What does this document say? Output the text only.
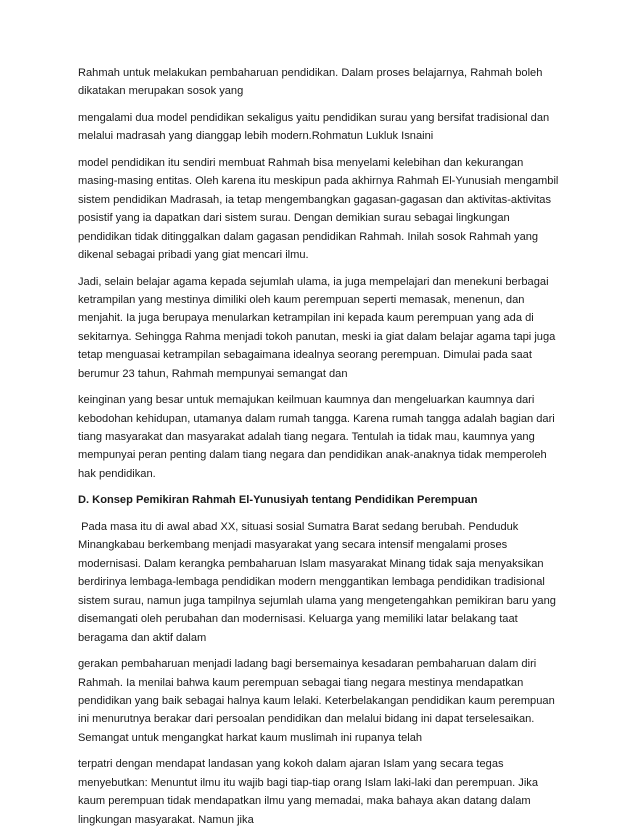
Rahmah untuk melakukan pembaharuan pendidikan. Dalam proses belajarnya, Rahmah boleh dikatakan merupakan sosok yang

mengalami dua model pendidikan sekaligus yaitu pendidikan surau yang bersifat tradisional dan melalui madrasah yang dianggap lebih modern.Rohmatun Lukluk Isnaini

model pendidikan itu sendiri membuat Rahmah bisa menyelami kelebihan dan kekurangan masing-masing entitas. Oleh karena itu meskipun pada akhirnya Rahmah El-Yunusiah mengambil sistem pendidikan Madrasah, ia tetap mengembangkan gagasan-gagasan dan aktivitas-aktivitas posistif yang ia dapatkan dari sistem surau. Dengan demikian surau sebagai lingkungan pendidikan tidak ditinggalkan dalam gagasan pendidikan Rahmah. Inilah sosok Rahmah yang dikenal sebagai pribadi yang giat mencari ilmu.

Jadi, selain belajar agama kepada sejumlah ulama, ia juga mempelajari dan menekuni berbagai ketrampilan yang mestinya dimiliki oleh kaum perempuan seperti memasak, menenun, dan menjahit. Ia juga berupaya menularkan ketrampilan ini kepada kaum perempuan yang ada di sekitarnya. Sehingga Rahma menjadi tokoh panutan, meski ia giat dalam belajar agama tapi juga tetap menguasai ketrampilan sebagaimana idealnya seorang perempuan. Dimulai pada saat berumur 23 tahun, Rahmah mempunyai semangat dan

keinginan yang besar untuk memajukan keilmuan kaumnya dan mengeluarkan kaumnya dari kebodohan kehidupan, utamanya dalam rumah tangga. Karena rumah tangga adalah bagian dari tiang masyarakat dan masyarakat adalah tiang negara. Tentulah ia tidak mau, kaumnya yang mempunyai peran penting dalam tiang negara dan pendidikan anak-anaknya tidak memperoleh hak pendidikan.

D. Konsep Pemikiran Rahmah El-Yunusiyah tentang Pendidikan Perempuan

Pada masa itu di awal abad XX, situasi sosial Sumatra Barat sedang berubah. Penduduk Minangkabau berkembang menjadi masyarakat yang secara intensif mengalami proses modernisasi. Dalam kerangka pembaharuan Islam masyarakat Minang tidak saja menyaksikan berdirinya lembaga-lembaga pendidikan modern menggantikan lembaga pendidikan tradisional sistem surau, namun juga tampilnya sejumlah ulama yang mengetengahkan pemikiran baru yang disemangati oleh perubahan dan modernisasi. Keluarga yang memiliki latar belakang taat beragama dan aktif dalam

gerakan pembaharuan menjadi ladang bagi bersemainya kesadaran pembaharuan dalam diri Rahmah. Ia menilai bahwa kaum perempuan sebagai tiang negara mestinya mendapatkan pendidikan yang baik sebagai halnya kaum lelaki. Keterbelakangan pendidikan kaum perempuan ini menurutnya berakar dari persoalan pendidikan dan melalui bidang ini dapat terselesaikan. Semangat untuk mengangkat harkat kaum muslimah ini rupanya telah

terpatri dengan mendapat landasan yang kokoh dalam ajaran Islam yang secara tegas menyebutkan: Menuntut ilmu itu wajib bagi tiap-tiap orang Islam laki-laki dan perempuan. Jika kaum perempuan tidak mendapatkan ilmu yang memadai, maka bahaya akan datang dalam lingkungan masyarakat. Namun jika
